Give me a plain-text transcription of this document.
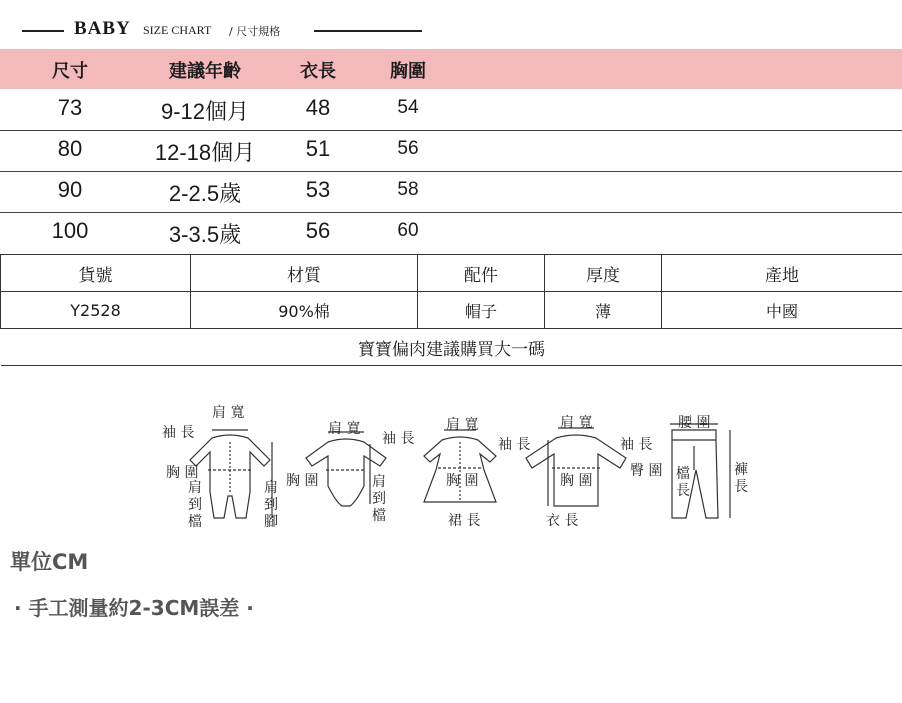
BABY SIZE CHART / 尺寸規格
尺寸	建議年齡	衣長	胸圍
73	9-12個月	48	54
80	12-18個月	51	56
90	2-2.5歲	53	58
100	3-3.5歲	56	60
貨號	材質	配件	厚度	產地
Y2528	90%棉	帽子	薄	中國
寶寶偏肉建議購買大一碼				
袖 長
肩 寬
胸 圍
肩到檔
肩到腳
肩 寬
袖 長
胸 圍	肩到檔
肩 寬
胸 圍
裙 長
袖 長
肩 寬
袖 長
胸 圍
衣 長
腰 圍
臀 圍 檔長
褲長
單位CM
· 手工測量約2-3CM誤差 ·
